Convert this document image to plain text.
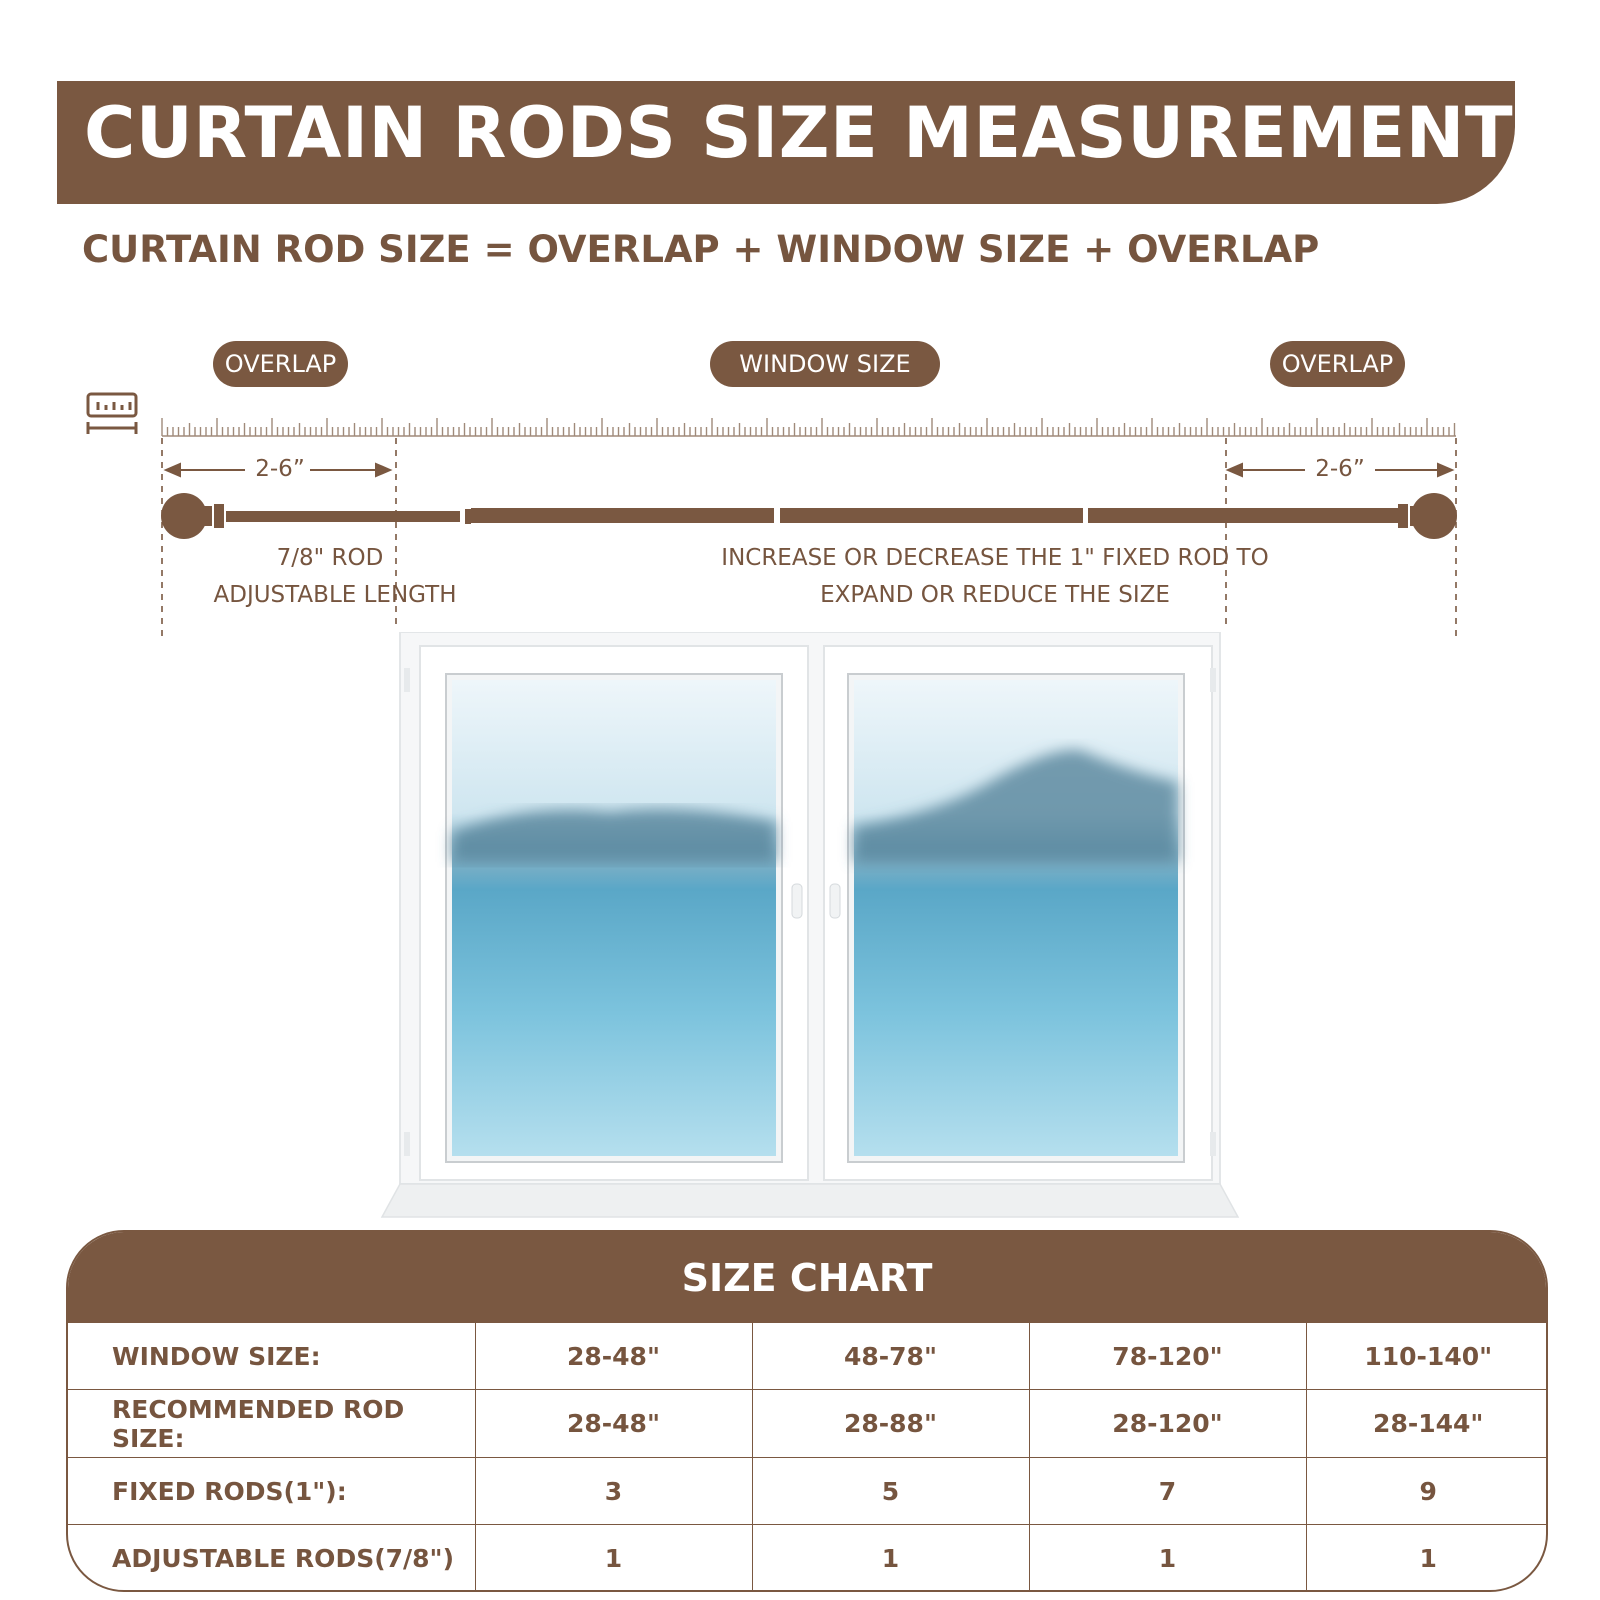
CURTAIN RODS SIZE MEASUREMENT
CURTAIN ROD SIZE = OVERLAP + WINDOW SIZE + OVERLAP
OVERLAP	WINDOW SIZE	OVERLAP
2-6”	2-6”
7/8" ROD
ADJUSTABLE LENGTH
INCREASE OR DECREASE THE 1" FIXED ROD TO
EXPAND OR REDUCE THE SIZE
SIZE CHART
WINDOW SIZE:	28-48"	48-78"	78-120"	110-140"
RECOMMENDED ROD SIZE:	28-48"	28-88"	28-120"	28-144"
FIXED RODS(1"):	3	5	7	9
ADJUSTABLE RODS(7/8")	1	1	1	1
